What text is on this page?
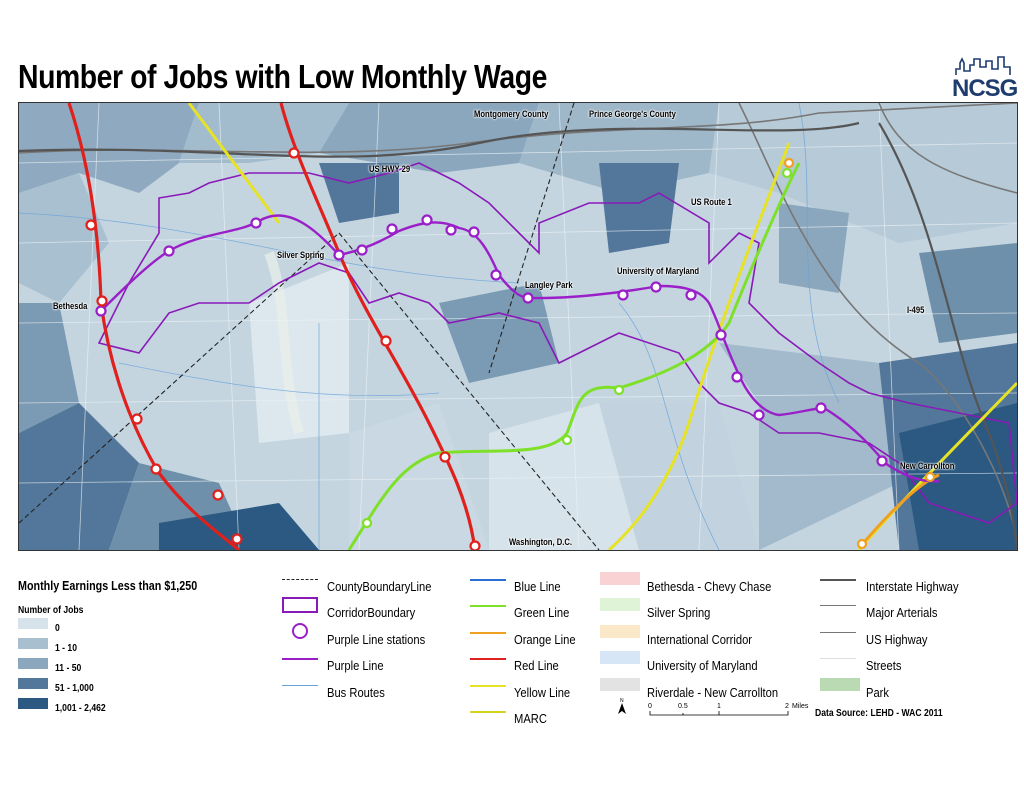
Number of Jobs with Low Monthly Wage	NCSG
Montgomery County	Prince George's County
US HWY 29
US Route 1
Silver Spring
Bethesda
Langley Park
University of Maryland
I-495
New Carrollton
Washington, D.C.
Monthly Earnings Less than $1,250
Number of Jobs
0
1 - 10
11 - 50
51 - 1,000
1,001 - 2,462
CountyBoundaryLine
CorridorBoundary
Purple Line stations
Purple Line
Bus Routes
Blue Line
Green Line
Orange Line
Red Line
Yellow Line
MARC
Bethesda - Chevy Chase
Silver Spring
International Corridor
University of Maryland
Riverdale - New Carrollton
Interstate Highway
Major Arterials
US Highway
Streets
Park
Data Source: LEHD - WAC 2011
N
0	0.5	1	2 Miles
